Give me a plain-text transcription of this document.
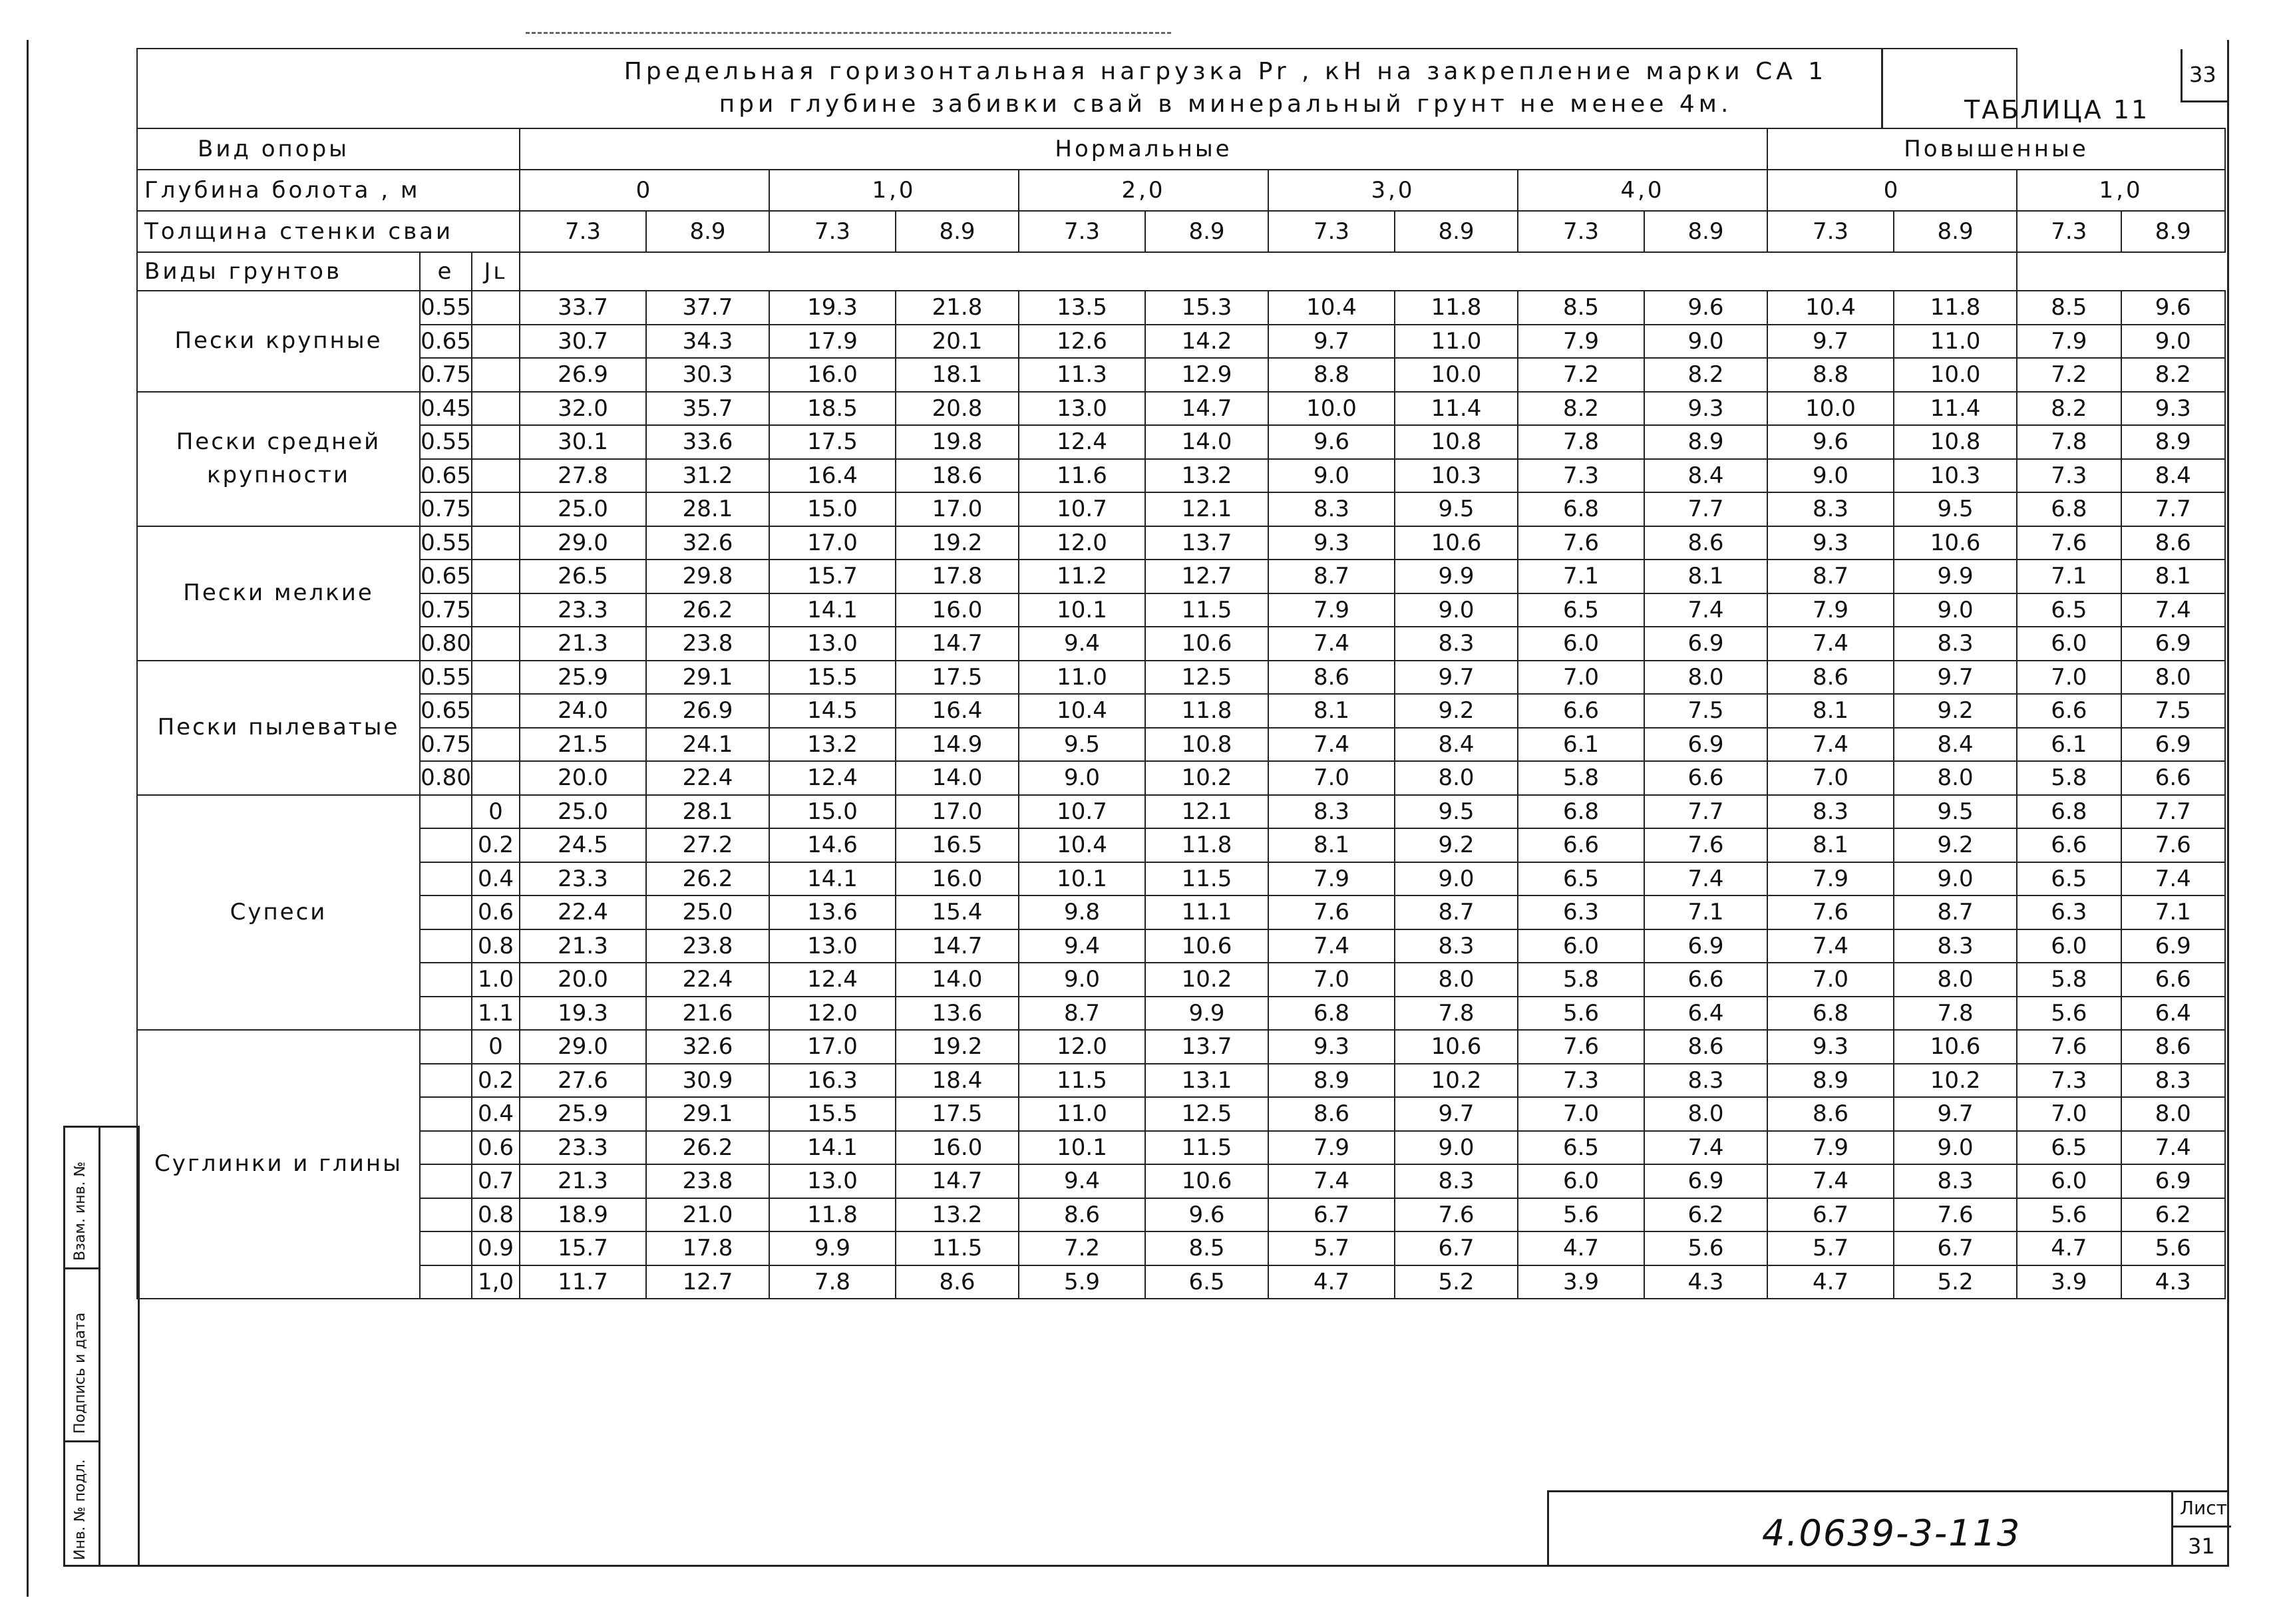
Предельная горизонтальная нагрузка Pr , кН на закрепление марки СА 1
при глубине забивки свай в минеральный грунт не менее 4м. ТАБЛИЦА 11
33																

Вид опоры			Нормальные										Повышенные			
Глубина болота , м			0		1,0		2,0		3,0		4,0		0		1,0	
Толщина стенки сваи			7.3	8.9	7.3	8.9	7.3	8.9	7.3	8.9	7.3	8.9	7.3	8.9	7.3	8.9
Виды грунтов	е	Jʟ														
Пески крупные	0.55		33.7	37.7	19.3	21.8	13.5	15.3	10.4	11.8	8.5	9.6	10.4	11.8	8.5	9.6
	0.65		30.7	34.3	17.9	20.1	12.6	14.2	9.7	11.0	7.9	9.0	9.7	11.0	7.9	9.0
	0.75		26.9	30.3	16.0	18.1	11.3	12.9	8.8	10.0	7.2	8.2	8.8	10.0	7.2	8.2
Пески средней крупности	0.45		32.0	35.7	18.5	20.8	13.0	14.7	10.0	11.4	8.2	9.3	10.0	11.4	8.2	9.3
	0.55		30.1	33.6	17.5	19.8	12.4	14.0	9.6	10.8	7.8	8.9	9.6	10.8	7.8	8.9
	0.65		27.8	31.2	16.4	18.6	11.6	13.2	9.0	10.3	7.3	8.4	9.0	10.3	7.3	8.4
	0.75		25.0	28.1	15.0	17.0	10.7	12.1	8.3	9.5	6.8	7.7	8.3	9.5	6.8	7.7
Пески мелкие	0.55		29.0	32.6	17.0	19.2	12.0	13.7	9.3	10.6	7.6	8.6	9.3	10.6	7.6	8.6
	0.65		26.5	29.8	15.7	17.8	11.2	12.7	8.7	9.9	7.1	8.1	8.7	9.9	7.1	8.1
	0.75		23.3	26.2	14.1	16.0	10.1	11.5	7.9	9.0	6.5	7.4	7.9	9.0	6.5	7.4
	0.80		21.3	23.8	13.0	14.7	9.4	10.6	7.4	8.3	6.0	6.9	7.4	8.3	6.0	6.9
Пески пылеватые	0.55		25.9	29.1	15.5	17.5	11.0	12.5	8.6	9.7	7.0	8.0	8.6	9.7	7.0	8.0
	0.65		24.0	26.9	14.5	16.4	10.4	11.8	8.1	9.2	6.6	7.5	8.1	9.2	6.6	7.5
	0.75		21.5	24.1	13.2	14.9	9.5	10.8	7.4	8.4	6.1	6.9	7.4	8.4	6.1	6.9
	0.80		20.0	22.4	12.4	14.0	9.0	10.2	7.0	8.0	5.8	6.6	7.0	8.0	5.8	6.6
Супеси		0	25.0	28.1	15.0	17.0	10.7	12.1	8.3	9.5	6.8	7.7	8.3	9.5	6.8	7.7
		0.2	24.5	27.2	14.6	16.5	10.4	11.8	8.1	9.2	6.6	7.6	8.1	9.2	6.6	7.6
		0.4	23.3	26.2	14.1	16.0	10.1	11.5	7.9	9.0	6.5	7.4	7.9	9.0	6.5	7.4
		0.6	22.4	25.0	13.6	15.4	9.8	11.1	7.6	8.7	6.3	7.1	7.6	8.7	6.3	7.1
		0.8	21.3	23.8	13.0	14.7	9.4	10.6	7.4	8.3	6.0	6.9	7.4	8.3	6.0	6.9
		1.0	20.0	22.4	12.4	14.0	9.0	10.2	7.0	8.0	5.8	6.6	7.0	8.0	5.8	6.6
		1.1	19.3	21.6	12.0	13.6	8.7	9.9	6.8	7.8	5.6	6.4	6.8	7.8	5.6	6.4
Суглинки и глины		0	29.0	32.6	17.0	19.2	12.0	13.7	9.3	10.6	7.6	8.6	9.3	10.6	7.6	8.6
		0.2	27.6	30.9	16.3	18.4	11.5	13.1	8.9	10.2	7.3	8.3	8.9	10.2	7.3	8.3
		0.4	25.9	29.1	15.5	17.5	11.0	12.5	8.6	9.7	7.0	8.0	8.6	9.7	7.0	8.0
		0.6	23.3	26.2	14.1	16.0	10.1	11.5	7.9	9.0	6.5	7.4	7.9	9.0	6.5	7.4
		0.7	21.3	23.8	13.0	14.7	9.4	10.6	7.4	8.3	6.0	6.9	7.4	8.3	6.0	6.9
		0.8	18.9	21.0	11.8	13.2	8.6	9.6	6.7	7.6	5.6	6.2	6.7	7.6	5.6	6.2
		0.9	15.7	17.8	9.9	11.5	7.2	8.5	5.7	6.7	4.7	5.6	5.7	6.7	4.7	5.6
		1,0	11.7	12.7	7.8	8.6	5.9	6.5	4.7	5.2	3.9	4.3	4.7	5.2	3.9	4.3
Взам. инв. №
Подпись и дата
Инв. № подл.	4.0639-3-113
Лист
31
